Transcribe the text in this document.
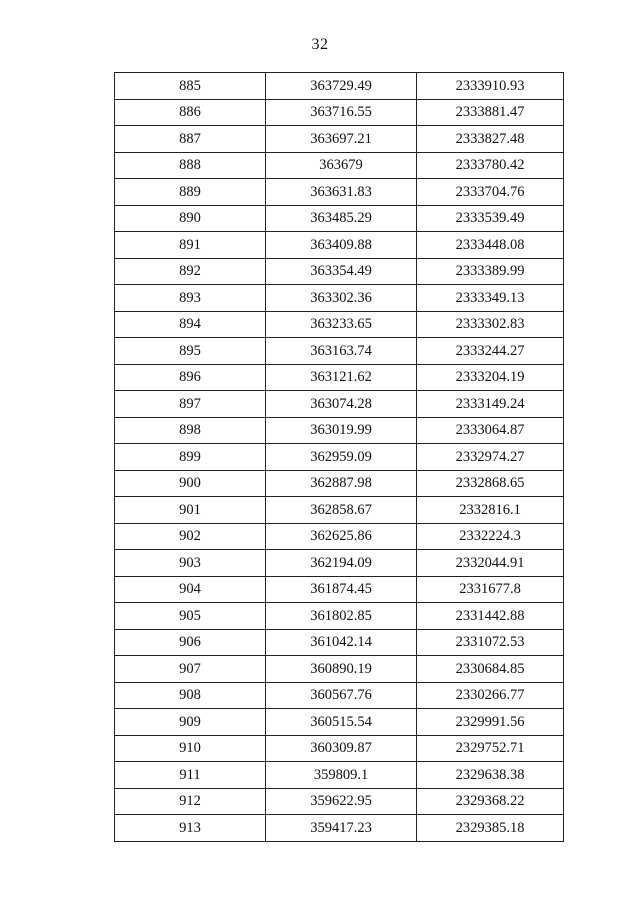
32
885	363729.49	2333910.93
886	363716.55	2333881.47
887	363697.21	2333827.48
888	363679	2333780.42
889	363631.83	2333704.76
890	363485.29	2333539.49
891	363409.88	2333448.08
892	363354.49	2333389.99
893	363302.36	2333349.13
894	363233.65	2333302.83
895	363163.74	2333244.27
896	363121.62	2333204.19
897	363074.28	2333149.24
898	363019.99	2333064.87
899	362959.09	2332974.27
900	362887.98	2332868.65
901	362858.67	2332816.1
902	362625.86	2332224.3
903	362194.09	2332044.91
904	361874.45	2331677.8
905	361802.85	2331442.88
906	361042.14	2331072.53
907	360890.19	2330684.85
908	360567.76	2330266.77
909	360515.54	2329991.56
910	360309.87	2329752.71
911	359809.1	2329638.38
912	359622.95	2329368.22
913	359417.23	2329385.18
